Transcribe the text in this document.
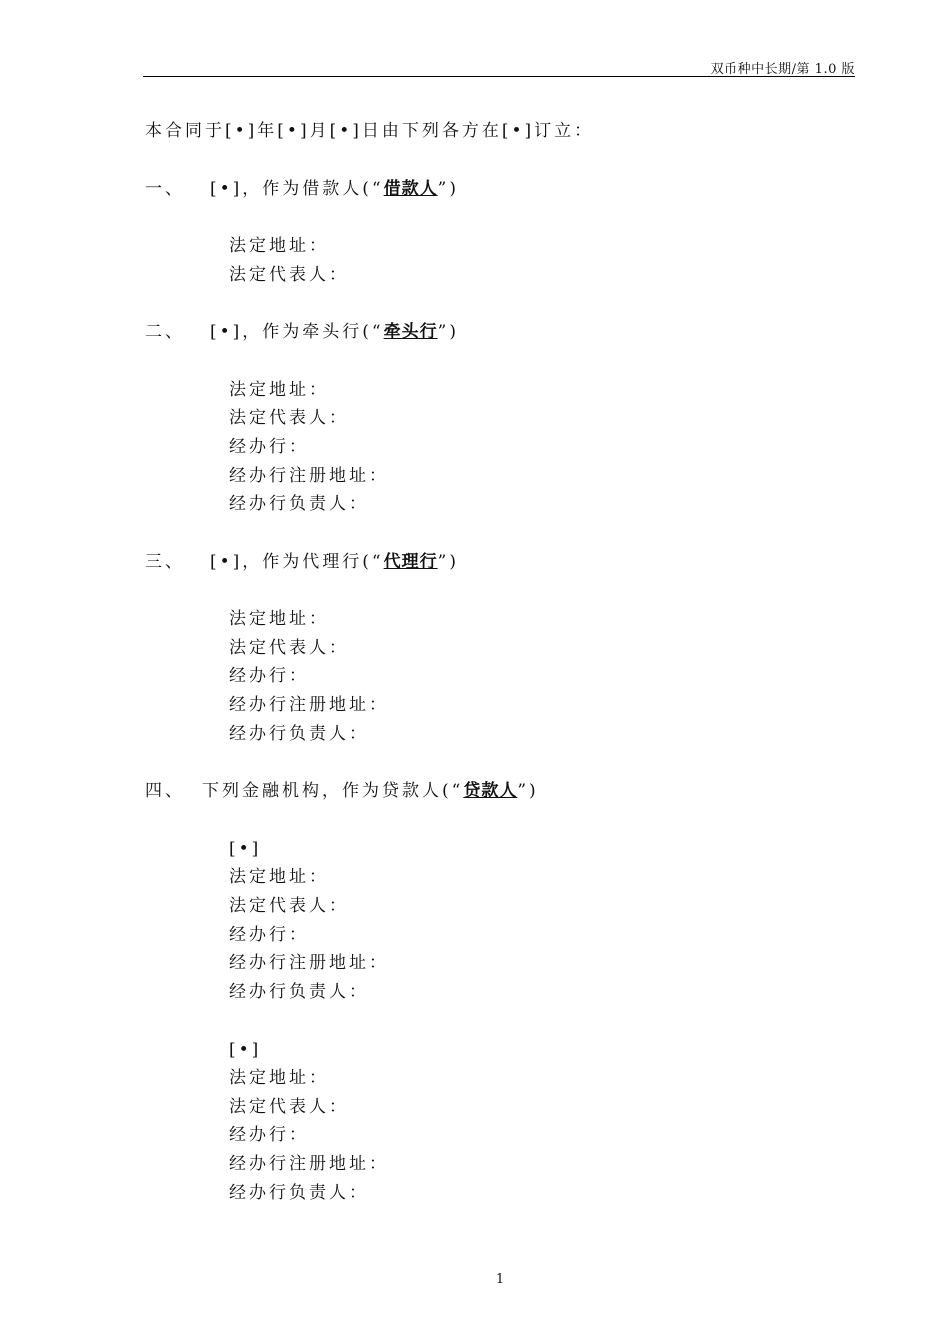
双币种中长期/第 1.0 版
本合同于[•]年[•]月[•]日由下列各方在[•]订立：
一、 [•]，作为借款人(“借款人”)
法定地址：
法定代表人：
二、 [•]，作为牵头行(“牵头行”)
法定地址：
法定代表人：
经办行：
经办行注册地址：
经办行负责人：
三、 [•]，作为代理行(“代理行”)
法定地址：
法定代表人：
经办行：
经办行注册地址：
经办行负责人：
四、 下列金融机构，作为贷款人(“贷款人”)
[•]
法定地址：
法定代表人：
经办行：
经办行注册地址：
经办行负责人：
[•]
法定地址：
法定代表人：
经办行：
经办行注册地址：
经办行负责人：
1
